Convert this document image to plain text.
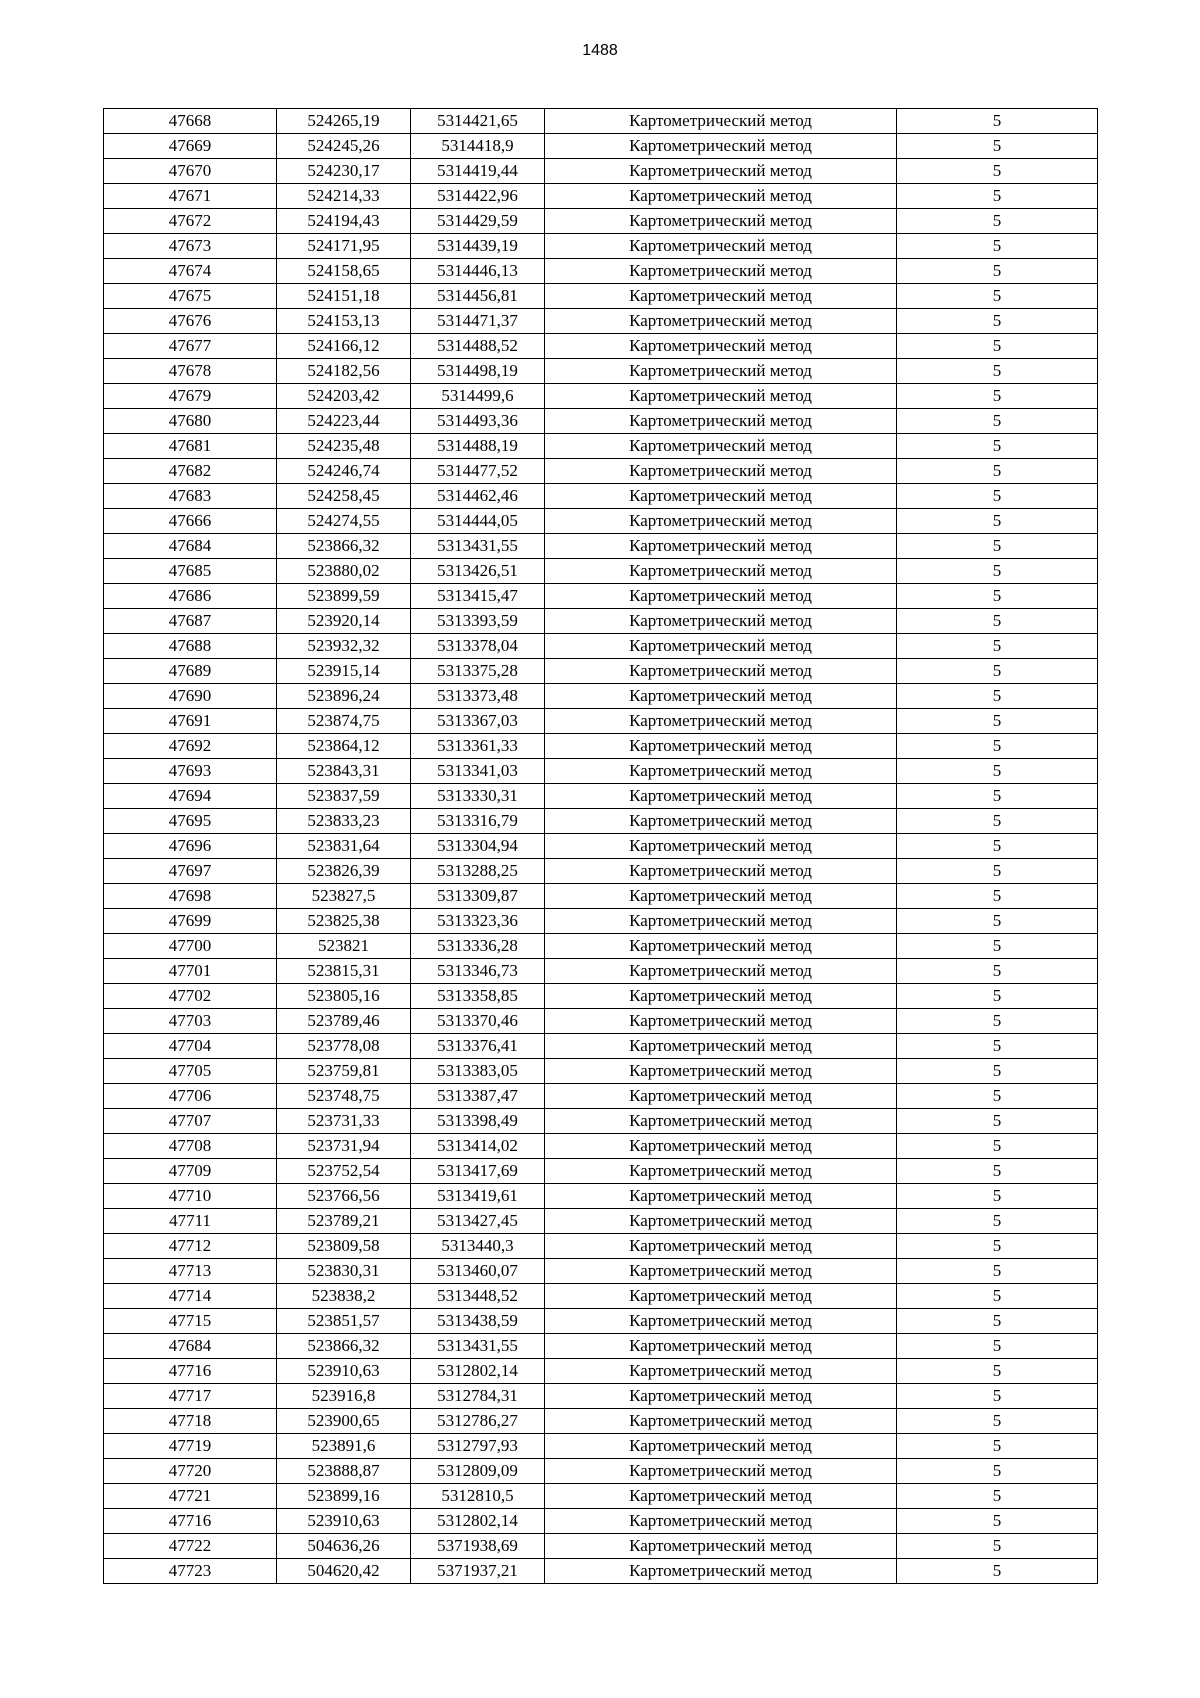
1488
47668	524265,19	5314421,65	Картометрический метод	5
47669	524245,26	5314418,9	Картометрический метод	5
47670	524230,17	5314419,44	Картометрический метод	5
47671	524214,33	5314422,96	Картометрический метод	5
47672	524194,43	5314429,59	Картометрический метод	5
47673	524171,95	5314439,19	Картометрический метод	5
47674	524158,65	5314446,13	Картометрический метод	5
47675	524151,18	5314456,81	Картометрический метод	5
47676	524153,13	5314471,37	Картометрический метод	5
47677	524166,12	5314488,52	Картометрический метод	5
47678	524182,56	5314498,19	Картометрический метод	5
47679	524203,42	5314499,6	Картометрический метод	5
47680	524223,44	5314493,36	Картометрический метод	5
47681	524235,48	5314488,19	Картометрический метод	5
47682	524246,74	5314477,52	Картометрический метод	5
47683	524258,45	5314462,46	Картометрический метод	5
47666	524274,55	5314444,05	Картометрический метод	5
47684	523866,32	5313431,55	Картометрический метод	5
47685	523880,02	5313426,51	Картометрический метод	5
47686	523899,59	5313415,47	Картометрический метод	5
47687	523920,14	5313393,59	Картометрический метод	5
47688	523932,32	5313378,04	Картометрический метод	5
47689	523915,14	5313375,28	Картометрический метод	5
47690	523896,24	5313373,48	Картометрический метод	5
47691	523874,75	5313367,03	Картометрический метод	5
47692	523864,12	5313361,33	Картометрический метод	5
47693	523843,31	5313341,03	Картометрический метод	5
47694	523837,59	5313330,31	Картометрический метод	5
47695	523833,23	5313316,79	Картометрический метод	5
47696	523831,64	5313304,94	Картометрический метод	5
47697	523826,39	5313288,25	Картометрический метод	5
47698	523827,5	5313309,87	Картометрический метод	5
47699	523825,38	5313323,36	Картометрический метод	5
47700	523821	5313336,28	Картометрический метод	5
47701	523815,31	5313346,73	Картометрический метод	5
47702	523805,16	5313358,85	Картометрический метод	5
47703	523789,46	5313370,46	Картометрический метод	5
47704	523778,08	5313376,41	Картометрический метод	5
47705	523759,81	5313383,05	Картометрический метод	5
47706	523748,75	5313387,47	Картометрический метод	5
47707	523731,33	5313398,49	Картометрический метод	5
47708	523731,94	5313414,02	Картометрический метод	5
47709	523752,54	5313417,69	Картометрический метод	5
47710	523766,56	5313419,61	Картометрический метод	5
47711	523789,21	5313427,45	Картометрический метод	5
47712	523809,58	5313440,3	Картометрический метод	5
47713	523830,31	5313460,07	Картометрический метод	5
47714	523838,2	5313448,52	Картометрический метод	5
47715	523851,57	5313438,59	Картометрический метод	5
47684	523866,32	5313431,55	Картометрический метод	5
47716	523910,63	5312802,14	Картометрический метод	5
47717	523916,8	5312784,31	Картометрический метод	5
47718	523900,65	5312786,27	Картометрический метод	5
47719	523891,6	5312797,93	Картометрический метод	5
47720	523888,87	5312809,09	Картометрический метод	5
47721	523899,16	5312810,5	Картометрический метод	5
47716	523910,63	5312802,14	Картометрический метод	5
47722	504636,26	5371938,69	Картометрический метод	5
47723	504620,42	5371937,21	Картометрический метод	5
